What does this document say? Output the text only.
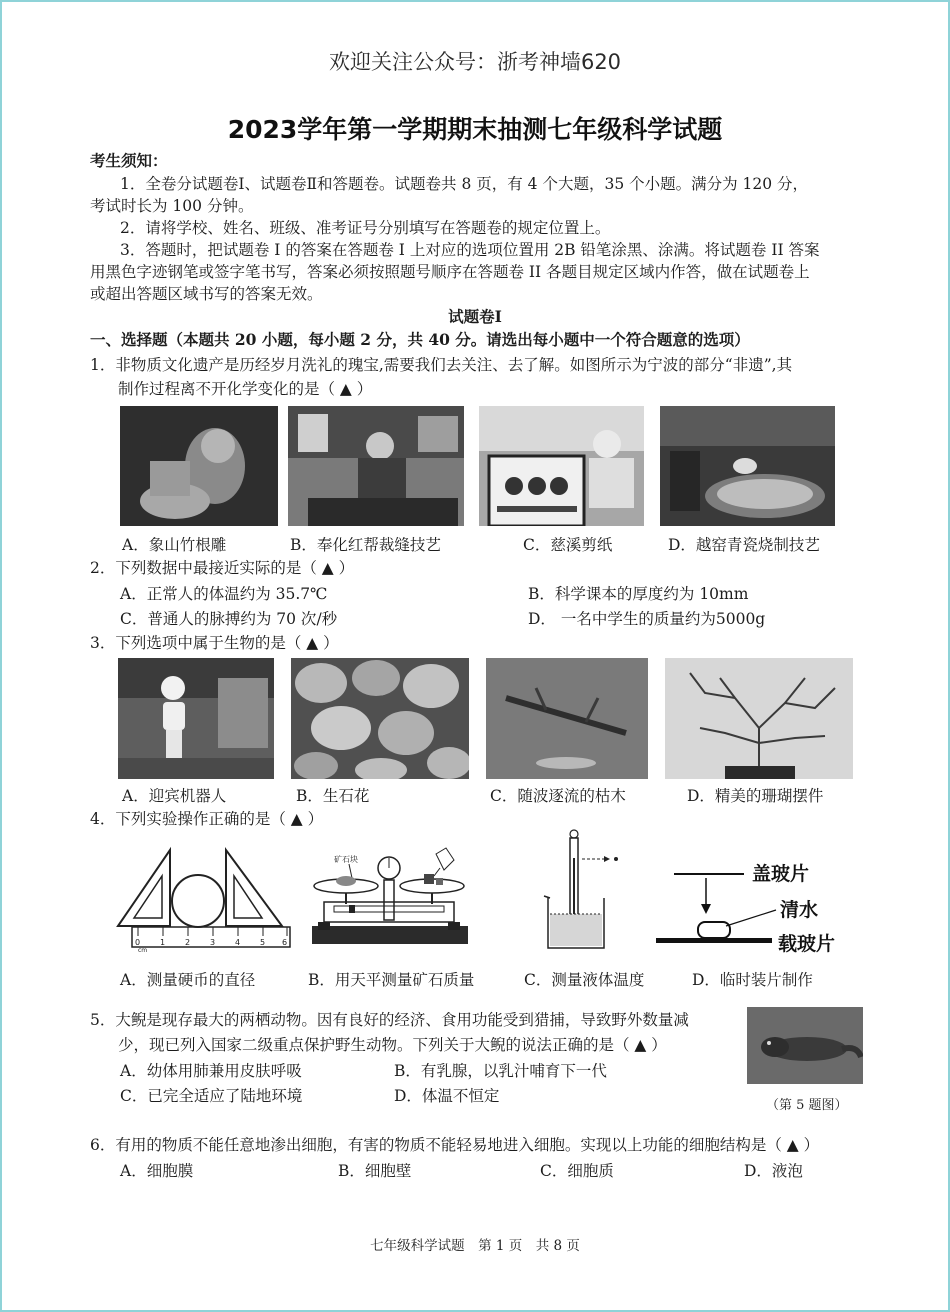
欢迎关注公众号：浙考神墙620
2023学年第一学期期末抽测七年级科学试题
考生须知：
1．全卷分试题卷Ⅰ、试题卷Ⅱ和答题卷。试题卷共 8 页，有 4 个大题，35 个小题。满分为 120 分，
考试时长为 100 分钟。
2．请将学校、姓名、班级、准考证号分别填写在答题卷的规定位置上。
3．答题时，把试题卷 I 的答案在答题卷 I 上对应的选项位置用 2B 铅笔涂黑、涂满。将试题卷 II 答案
用黑色字迹钢笔或签字笔书写，答案必须按照题号顺序在答题卷 II 各题目规定区域内作答，做在试题卷上
或超出答题区域书写的答案无效。
试题卷Ⅰ
一、选择题（本题共 20 小题，每小题 2 分，共 40 分。请选出每小题中一个符合题意的选项）
1．非物质文化遗产是历经岁月洗礼的瑰宝,需要我们去关注、去了解。如图所示为宁波的部分“非遗”,其
制作过程离不开化学变化的是（ ▲ ）
A．象山竹根雕	B．奉化红帮裁缝技艺	C．慈溪剪纸	D．越窑青瓷烧制技艺
2．下列数据中最接近实际的是（ ▲ ）
A．正常人的体温约为 35.7℃	B．科学课本的厚度约为 10mm
C．普通人的脉搏约为 70 次/秒	D． 一名中学生的质量约为5000g
3．下列选项中属于生物的是（ ▲ ）
A．迎宾机器人	B．生石花	C．随波逐流的枯木	D．精美的珊瑚摆件
4．下列实验操作正确的是（ ▲ ）
0 1 2 3 4 5 6
cm
矿石块
盖玻片
清水
载玻片
A．测量硬币的直径	B．用天平测量矿石质量	C．测量液体温度	D．临时装片制作
5．大鲵是现存最大的两栖动物。因有良好的经济、食用功能受到猎捕，导致野外数量减
少，现已列入国家二级重点保护野生动物。下列关于大鲵的说法正确的是（ ▲ ）
A．幼体用肺兼用皮肤呼吸	B．有乳腺，以乳汁哺育下一代
C．已完全适应了陆地环境	D．体温不恒定
（第 5 题图）
6．有用的物质不能任意地渗出细胞，有害的物质不能轻易地进入细胞。实现以上功能的细胞结构是（ ▲ ）
A．细胞膜	B．细胞壁	C．细胞质	D．液泡
七年级科学试题　第 1 页　共 8 页
